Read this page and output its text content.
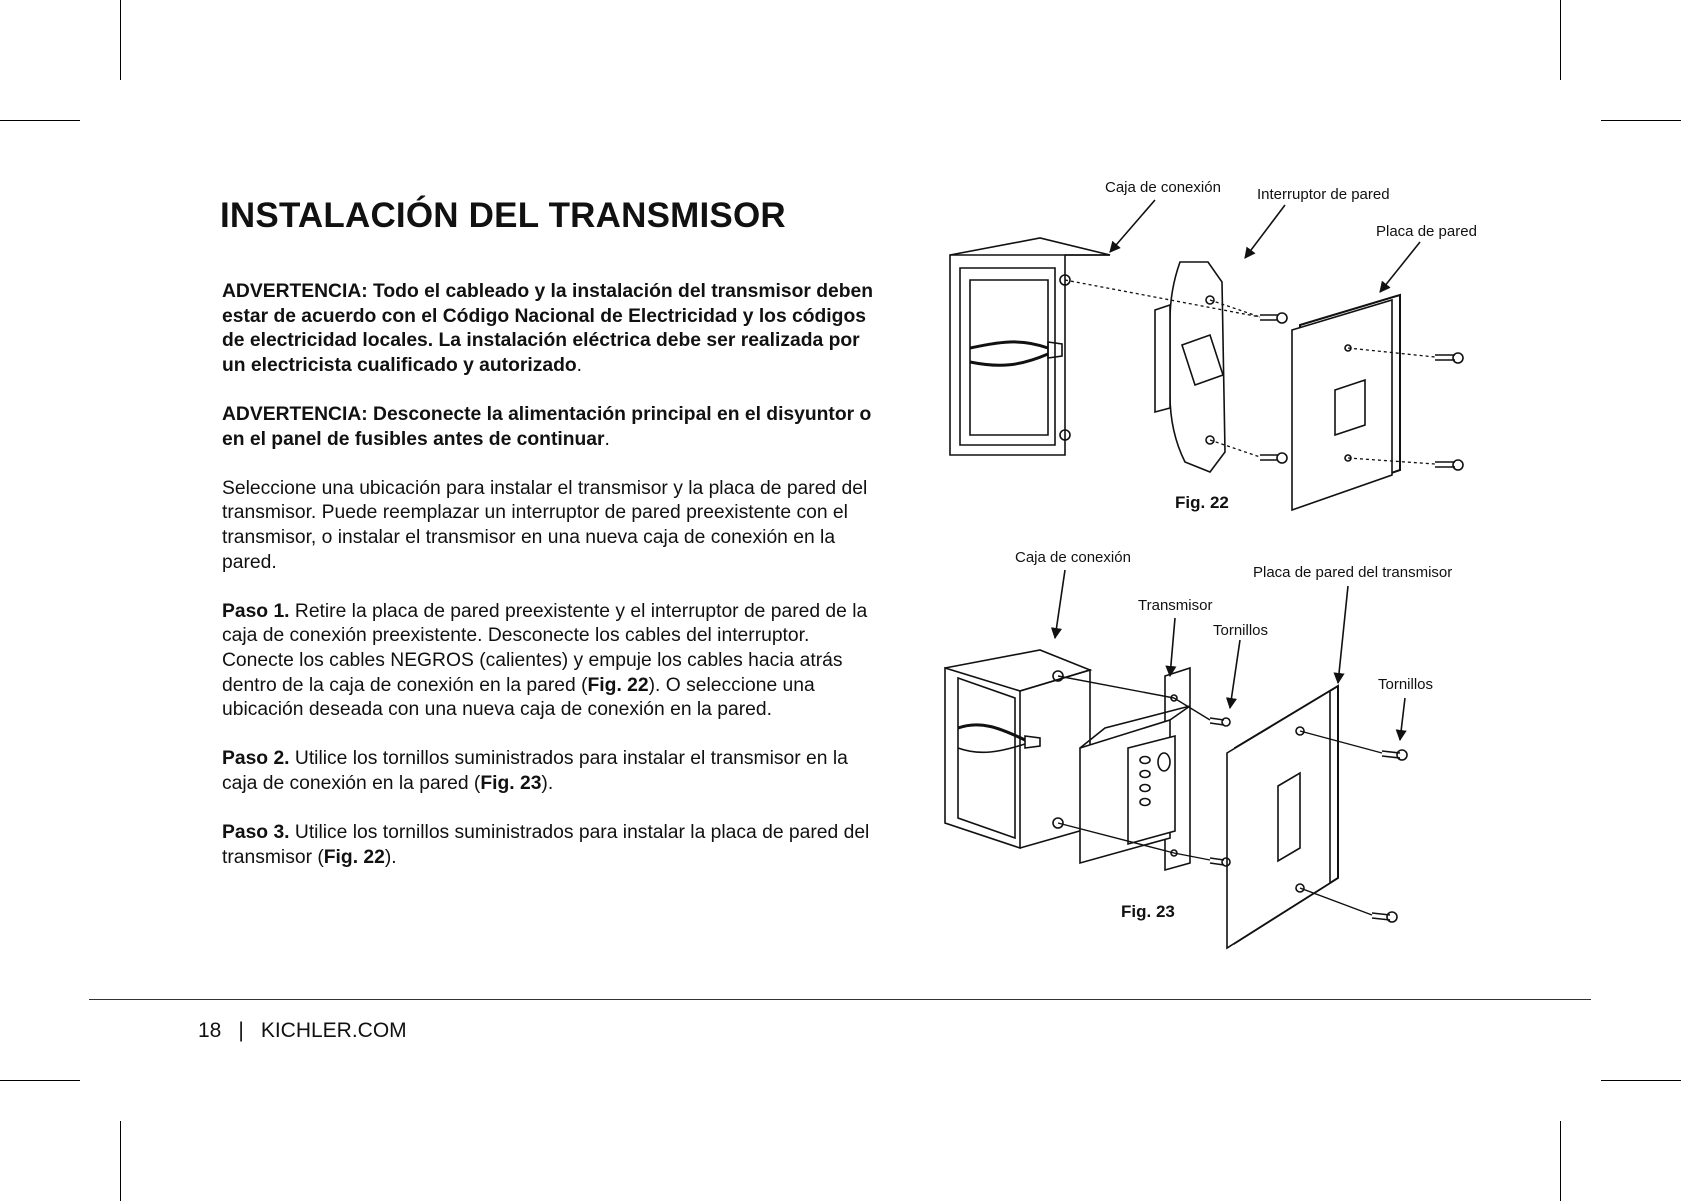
INSTALACIÓN DEL TRANSMISOR

ADVERTENCIA: Todo el cableado y la instalación del transmisor deben estar de acuerdo con el Código Nacional de Electricidad y los códigos de electricidad locales. La instalación eléctrica debe ser realizada por un electricista cualificado y autorizado.

ADVERTENCIA: Desconecte la alimentación principal en el disyuntor o en el panel de fusibles antes de continuar.

Seleccione una ubicación para instalar el transmisor y la placa de pared del transmisor. Puede reemplazar un interruptor de pared preexistente con el transmisor, o instalar el transmisor en una nueva caja de conexión en la pared.

Paso 1. Retire la placa de pared preexistente y el interruptor de pared de la caja de conexión preexistente. Desconecte los cables del interruptor. Conecte los cables NEGROS (calientes) y empuje los cables hacia atrás dentro de la caja de conexión en la pared (Fig. 22). O seleccione una ubicación deseada con una nueva caja de conexión en la pared.

Paso 2. Utilice los tornillos suministrados para instalar el transmisor en la caja de conexión en la pared (Fig. 23).

Paso 3. Utilice los tornillos suministrados para instalar la placa de pared del transmisor (Fig. 22).

Caja de conexión Interruptor de pared
Placa de pared
Fig. 22
Caja de conexión
Transmisor
Tornillos
Placa de pared del transmisor
Tornillos
Fig. 23
18 | KICHLER.COM
